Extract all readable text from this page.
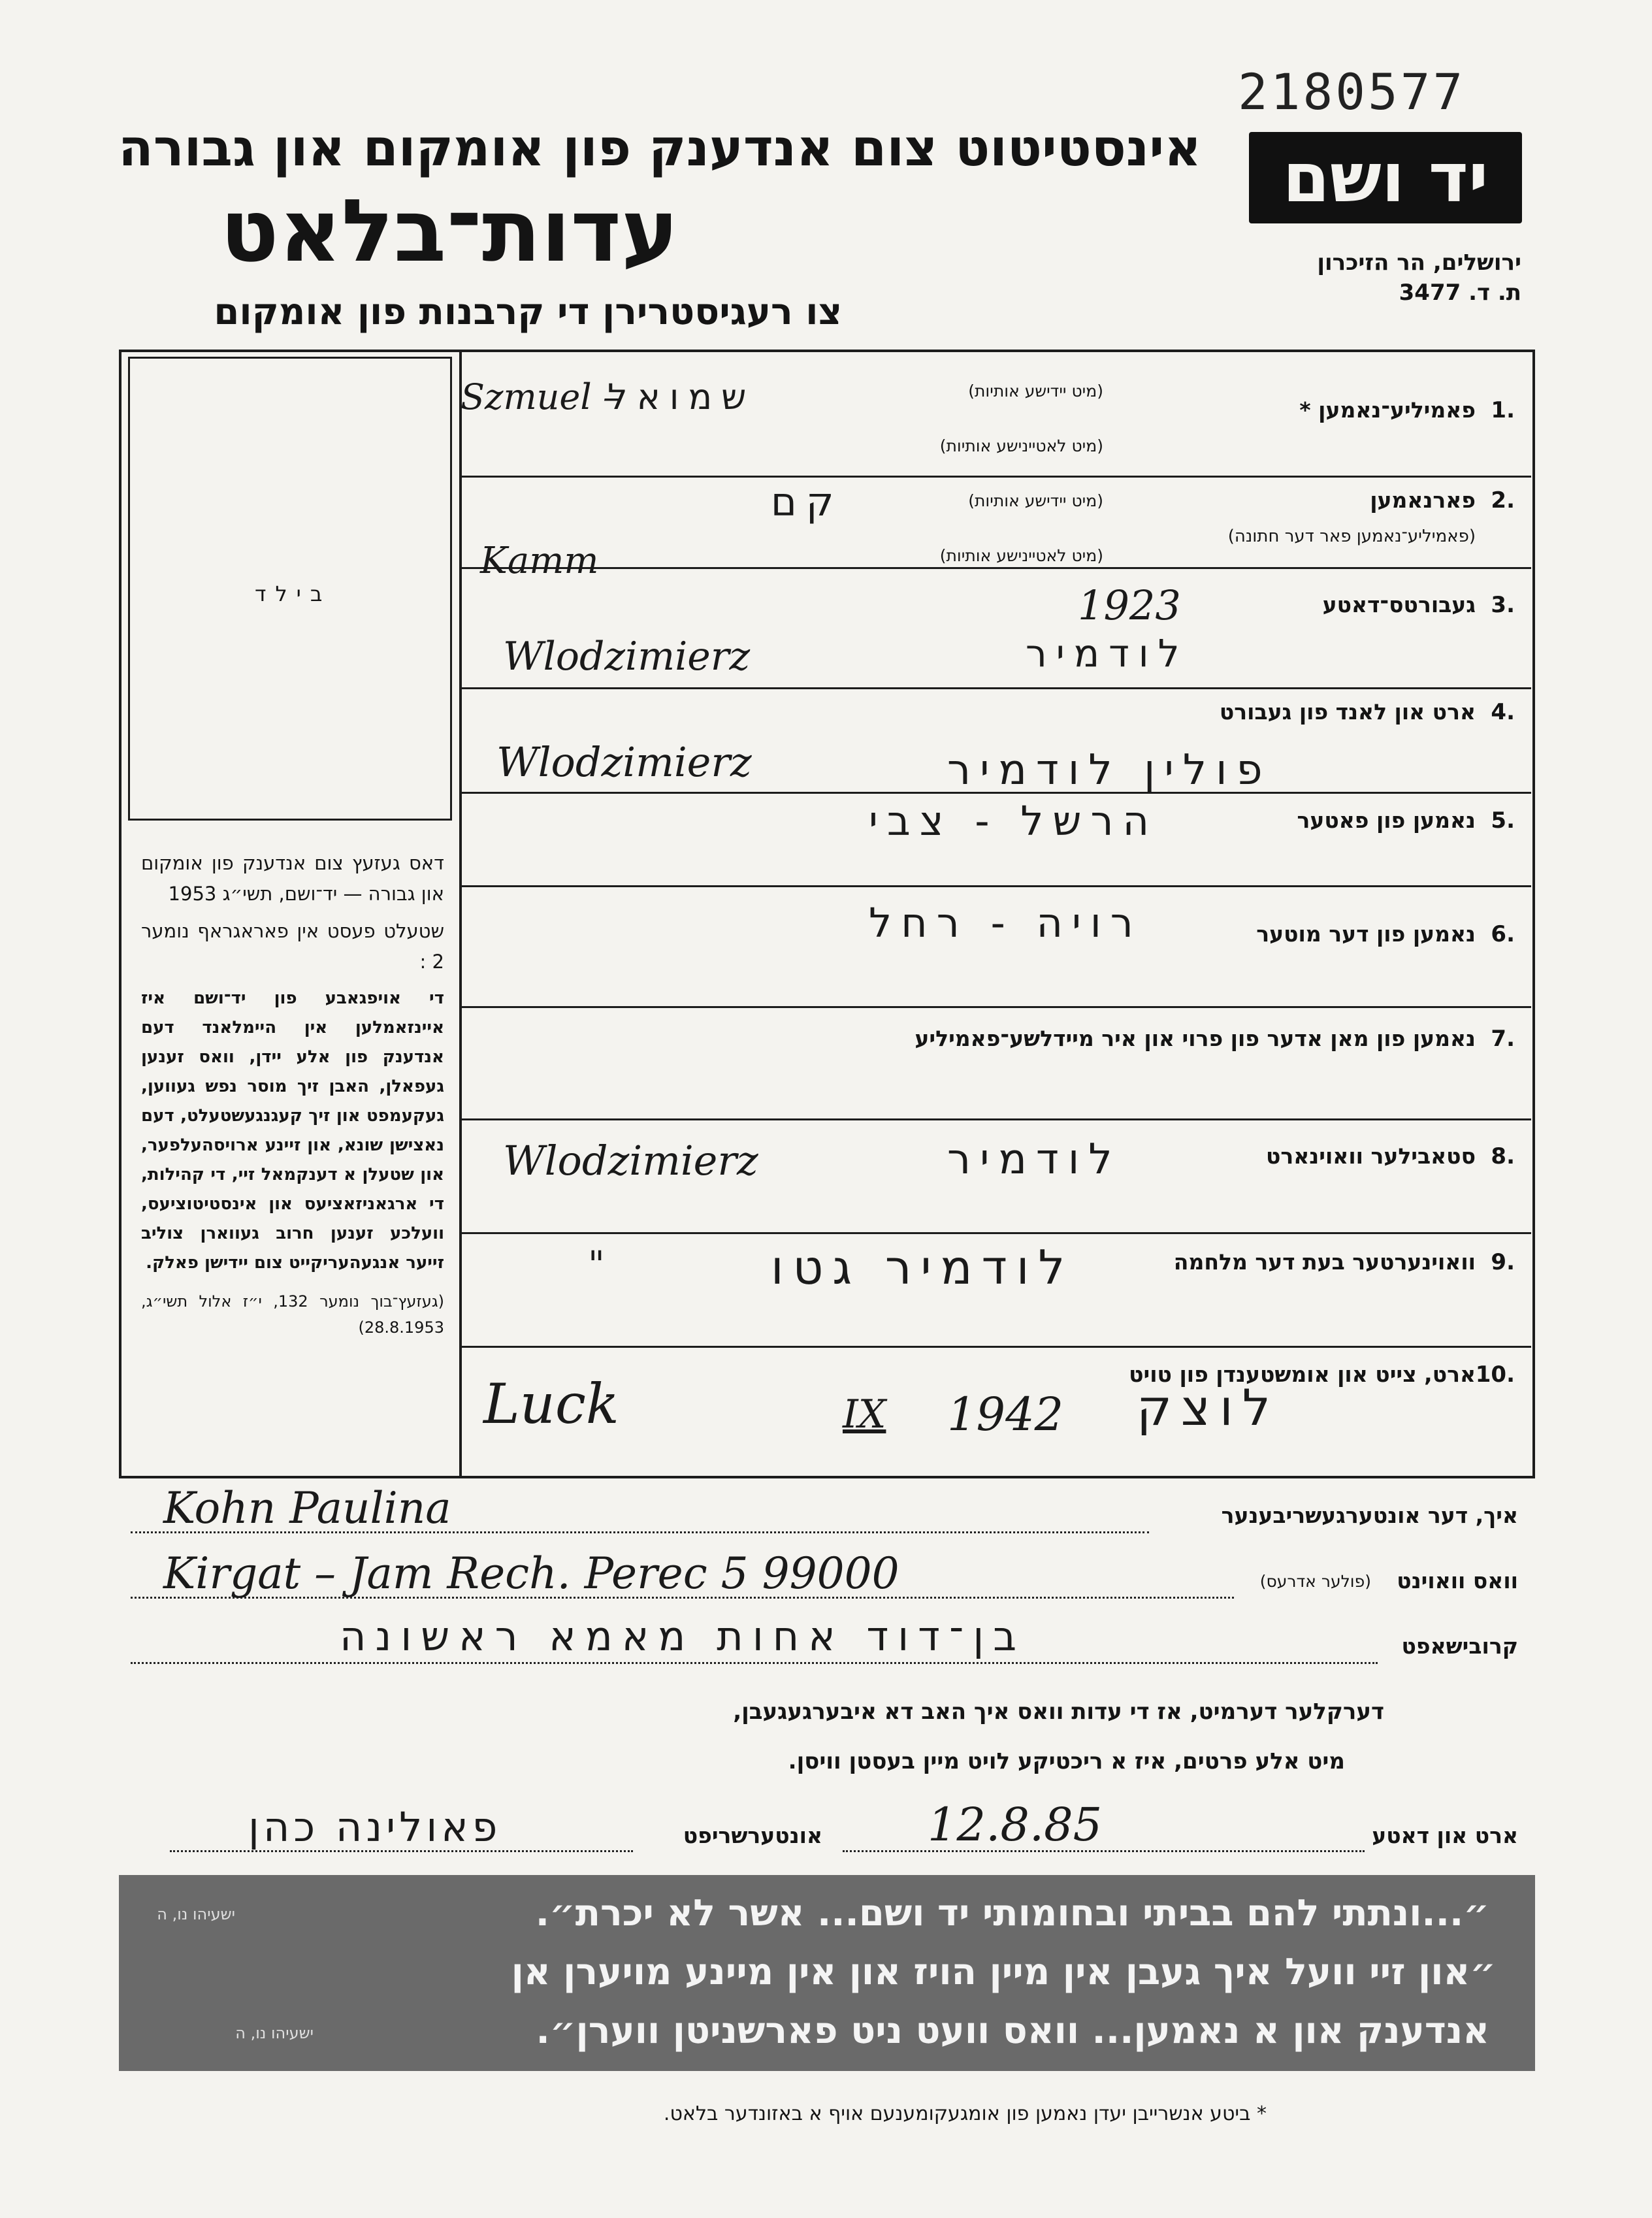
2180577
אינסטיטוט צום אנדענק פון אומקום און גבורה
עדות־בלאט
צו רעגיסטרירן די קרבנות פון אומקום
יד ושם
ירושלים, הר הזיכרון
ת. ד. 3477
בילד
דאס געזעץ צום אנדענק פון אומקום און גבורה — יד־ושם, תשי״ג 1953
שטעלט פעסט אין פאראגראף נומער 2 :
די אויפגאבע פון יד־ושם איז איינזאמלען אין היימלאנד דעם אנדענק פון אלע יידן, וואס זענען געפאלן, האבן זיך מוסר נפש געווען, געקעמפט און זיך קעגנגעשטעלט, דעם נאצישן שונא, און זיינע ארויסהעלפער, און שטעלן א דענקמאל זיי, די קהילות, די ארגאניזאציעס און אינסטיטוציעס, וועלכע זענען חרוב געווארן צוליב זייער אנגעהעריקייט צום יידישן פאלק.
(געזעץ־בוך נומער 132, י״ז אלול תשי״ג, 28.8.1953)
1.
פאמיליע־נאמען *
(מיט יידישע אותיות)
(מיט לאטיינישע אותיות)
Szmuel –
שמואל
2.
פארנאמען
(פאמיליע־נאמען פאר דער חתונה)
(מיט יידישע אותיות)
(מיט לאטיינישע אותיות)
קם
Kamm
3.
געבורטס־דאטע
1923
Wlodzimierz	לודמיר
4.
ארט און לאנד פון געבורט
Wlodzimierz	פולין לודמיר
5.
נאמען פון פאטער
הרשל - צבי
6.
נאמען פון דער מוטער
רויה - רחל
7.
נאמען פון מאן אדער פון פרוי און איר מיידלשע־פאמיליע
8.
סטאבילער וואוינארט
Wlodzimierz	לודמיר
9.
וואוינערטער בעת דער מלחמה
לודמיר גטו
"
10.
ארט, צייט און אומשטענדן פון טויט
Luck	IX 1942 לוצק
איך, דער אונטערגעשריבענער
Kohn Paulina
וואס וואוינט
(פולער אדרעס)
Kirgat – Jam Rech. Perec 5 99000
קרובישאפט
בן־דוד אחות מאמא ראשונה
דערקלער דערמיט, אז די עדות וואס איך האב דא איבערגעגעבן,
מיט אלע פרטים, איז א ריכטיקע לויט מיין בעסטן וויסן.
ארט און דאטע
12.8.85
אונטערשריפט
פאולינה כהן
״...ונתתי להם בביתי ובחומותי יד ושם... אשר לא יכרת״.
ישעיהו נו, ה
״און זיי וועל איך געבן אין מיין הויז און אין מיינע מויערן אן
אנדענק און א נאמען... וואס וועט ניט פארשניטן ווערן״.
ישעיהו נו, ה
* ביטע אנשרייבן יעדן נאמען פון אומגעקומענעם אויף א באזונדער בלאט.
